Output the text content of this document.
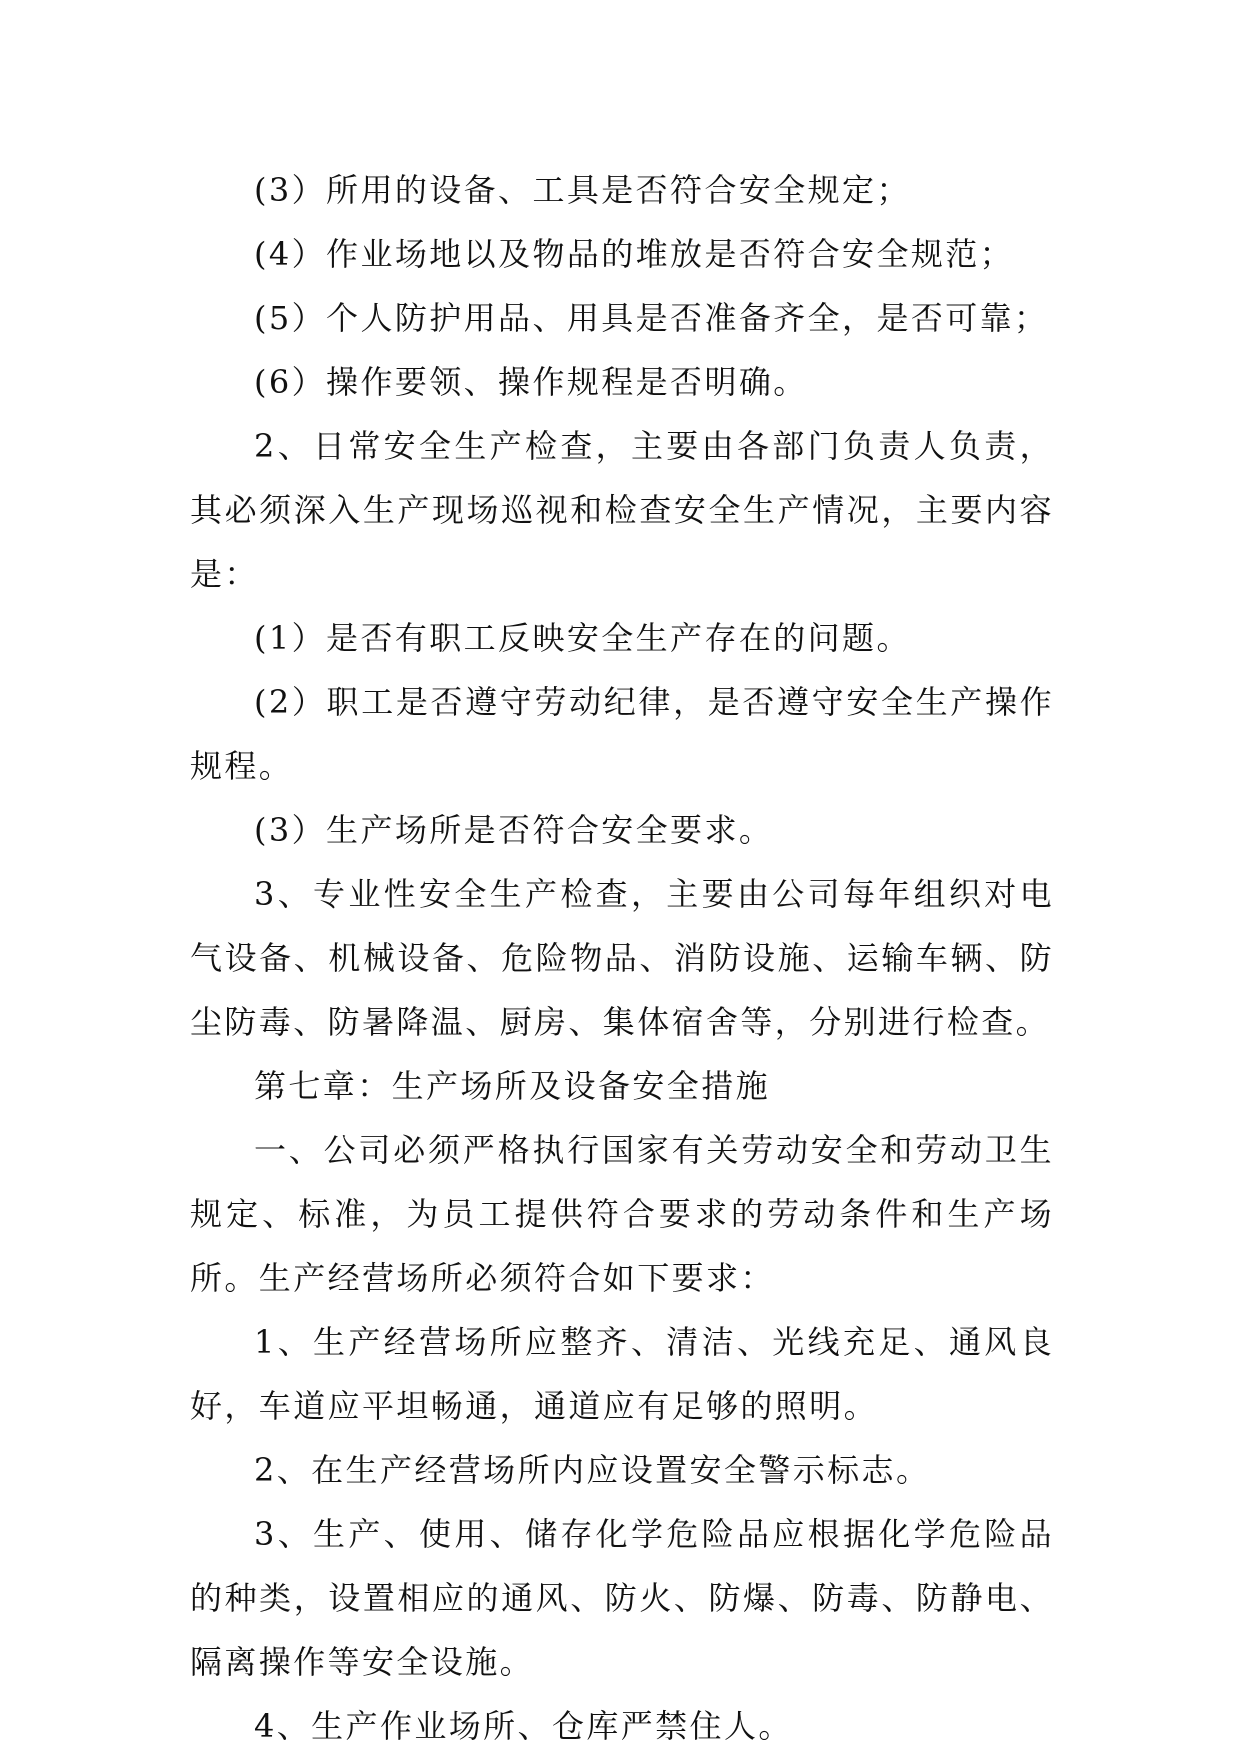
(3）所用的设备、工具是否符合安全规定；

(4）作业场地以及物品的堆放是否符合安全规范；

(5）个人防护用品、用具是否准备齐全，是否可靠；

(6）操作要领、操作规程是否明确。

2、日常安全生产检查，主要由各部门负责人负责，其必须深入生产现场巡视和检查安全生产情况，主要内容是：

(1）是否有职工反映安全生产存在的问题。

(2）职工是否遵守劳动纪律，是否遵守安全生产操作规程。

(3）生产场所是否符合安全要求。

3、专业性安全生产检查，主要由公司每年组织对电气设备、机械设备、危险物品、消防设施、运输车辆、防尘防毒、防暑降温、厨房、集体宿舍等，分别进行检查。

第七章：生产场所及设备安全措施

一、公司必须严格执行国家有关劳动安全和劳动卫生规定、标准，为员工提供符合要求的劳动条件和生产场所。生产经营场所必须符合如下要求：

1、生产经营场所应整齐、清洁、光线充足、通风良好，车道应平坦畅通，通道应有足够的照明。

2、在生产经营场所内应设置安全警示标志。

3、生产、使用、储存化学危险品应根据化学危险品的种类，设置相应的通风、防火、防爆、防毒、防静电、隔离操作等安全设施。

4、生产作业场所、仓库严禁住人。
